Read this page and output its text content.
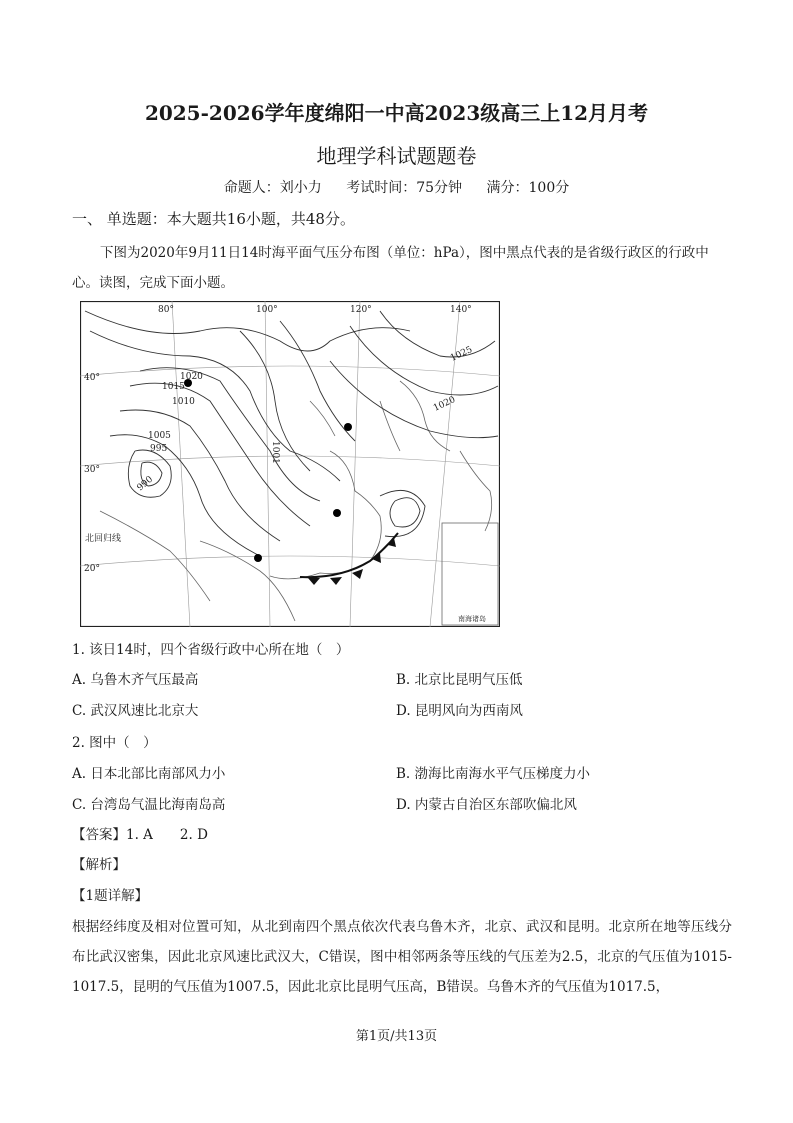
2025-2026学年度绵阳一中高2023级高三上12月月考
地理学科试题题卷
命题人：刘小力 考试时间：75分钟 满分：100分
一、 单选题：本大题共16小题，共48分。
下图为2020年9月11日14时海平面气压分布图（单位：hPa），图中黑点代表的是省级行政区的行政中心。读图，完成下面小题。
80°	100°	120°	140°
40°
30°
20°
1020
1015
1010
1005
995
990
1001
1020
1025
北回归线
南海诸岛
1. 该日14时，四个省级行政中心所在地（　）
A. 乌鲁木齐气压最高	B. 北京比昆明气压低
C. 武汉风速比北京大	D. 昆明风向为西南风
2. 图中（　）
A. 日本北部比南部风力小	B. 渤海比南海水平气压梯度力小
C. 台湾岛气温比海南岛高	D. 内蒙古自治区东部吹偏北风
【答案】1. A　　2. D
【解析】
【1题详解】
根据经纬度及相对位置可知，从北到南四个黑点依次代表乌鲁木齐，北京、武汉和昆明。北京所在地等压线分布比武汉密集，因此北京风速比武汉大，C错误，图中相邻两条等压线的气压差为2.5，北京的气压值为1015-1017.5，昆明的气压值为1007.5，因此北京比昆明气压高，B错误。乌鲁木齐的气压值为1017.5，
第1页/共13页
